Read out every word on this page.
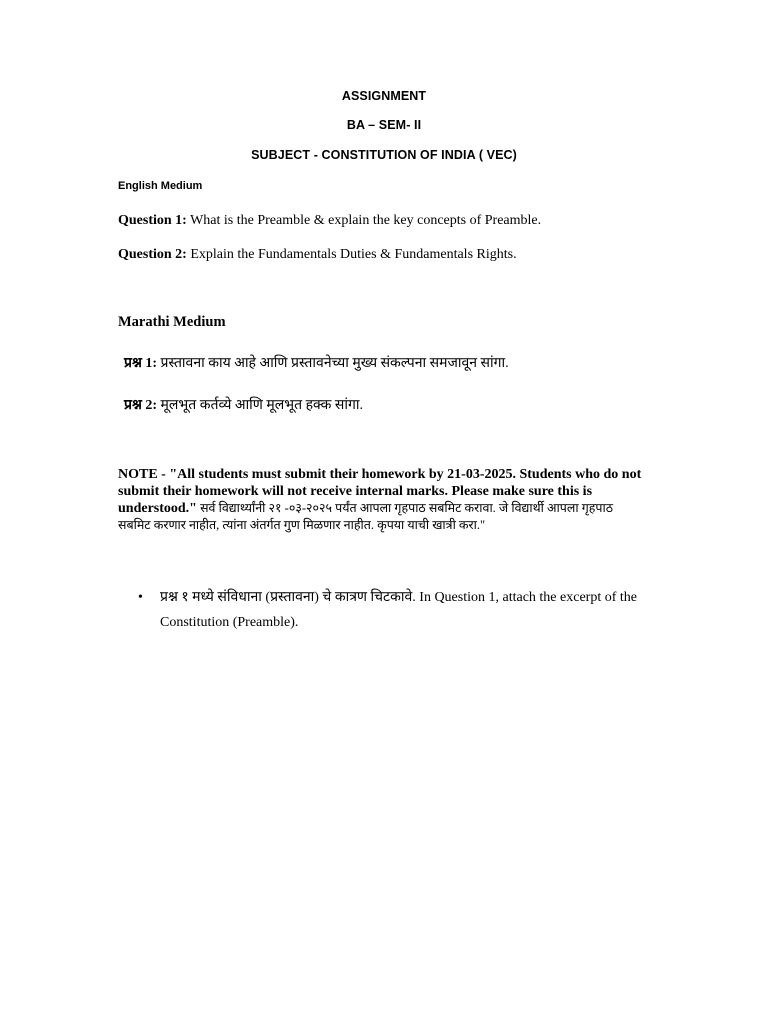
ASSIGNMENT
BA – SEM- II
SUBJECT - CONSTITUTION OF INDIA ( VEC)
English Medium
Question 1: What is the Preamble & explain the key concepts of Preamble.
Question 2: Explain the Fundamentals Duties & Fundamentals Rights.
Marathi Medium
प्रश्न 1: प्रस्तावना काय आहे आणि प्रस्तावनेच्या मुख्य संकल्पना समजावून सांगा.
प्रश्न 2: मूलभूत कर्तव्ये आणि मूलभूत हक्क सांगा.
NOTE - "All students must submit their homework by 21-03-2025. Students who do not submit their homework will not receive internal marks. Please make sure this is understood." सर्व विद्यार्थ्यांनी २१ -०३-२०२५ पर्यंत आपला गृहपाठ सबमिट करावा. जे विद्यार्थी आपला गृहपाठ सबमिट करणार नाहीत, त्यांना अंतर्गत गुण मिळणार नाहीत. कृपया याची खात्री करा."
• प्रश्न १ मध्ये संविधाना (प्रस्तावना) चे कात्रण चिटकावे. In Question 1, attach the excerpt of the Constitution (Preamble).
